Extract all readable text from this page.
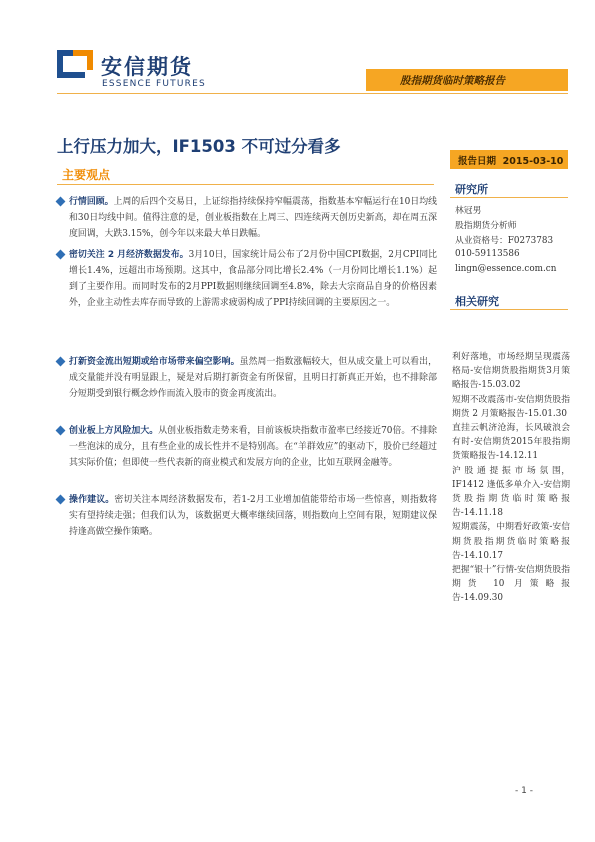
安信期货
ESSENCE FUTURES	股指期货临时策略报告
上行压力加大，IF1503 不可过分看多
报告日期 2015-03-10
研究所
林冠男
股指期货分析师
从业资格号：F0273783
010-59113586
lingn@essence.com.cn
相关研究
利好落地，市场经期呈现震荡格局-安信期货股指期货3月策略报告-15.03.02
短期不改震荡市-安信期货股指期货 2 月策略报告-15.01.30
直挂云帆济沧海，长风破浪会有时-安信期货2015年股指期货策略报告-14.12.11
沪 股 通 提 振 市 场 氛 围，IF1412 逢低多单介入-安信期货股指期货临时策略报告-14.11.18
短期震荡，中期看好政策-安信期货股指期货临时策略报告-14.10.17
把握“银十”行情-安信期货股指期货 10 月策略报告-14.09.30
主要观点
行情回顾。上周的后四个交易日，上证综指持续保持窄幅震荡，指数基本窄幅运行在10日均线和30日均线中间。值得注意的是，创业板指数在上周三、四连续两天创历史新高，却在周五深度回调，大跌3.15%，创今年以来最大单日跌幅。
密切关注 2 月经济数据发布。3月10日，国家统计局公布了2月份中国CPI数据，2月CPI同比增长1.4%，远超出市场预期。这其中，食品部分同比增长2.4%（一月份同比增长1.1%）起到了主要作用。而同时发布的2月PPI数据则继续回调至4.8%，除去大宗商品自身的价格因素外，企业主动性去库存而导致的上游需求疲弱构成了PPI持续回调的主要原因之一。
打新资金流出短期或给市场带来偏空影响。虽然周一指数涨幅较大，但从成交量上可以看出，成交量能并没有明显跟上，疑是对后期打新资金有所保留，且明日打新真正开始，也不排除部分短期受到银行概念炒作而流入股市的资金再度流出。
创业板上方风险加大。从创业板指数走势来看，目前该板块指数市盈率已经接近70倍。不排除一些泡沫的成分，且有些企业的成长性并不是特别高。在“羊群效应”的驱动下，股价已经超过其实际价值；但即使一些代表新的商业模式和发展方向的企业，比如互联网金融等。
操作建议。密切关注本周经济数据发布，若1-2月工业增加值能带给市场一些惊喜，则指数将实有望持续走强；但我们认为，该数据更大概率继续回落，则指数向上空间有限，短期建议保持逢高做空操作策略。
- 1 -
